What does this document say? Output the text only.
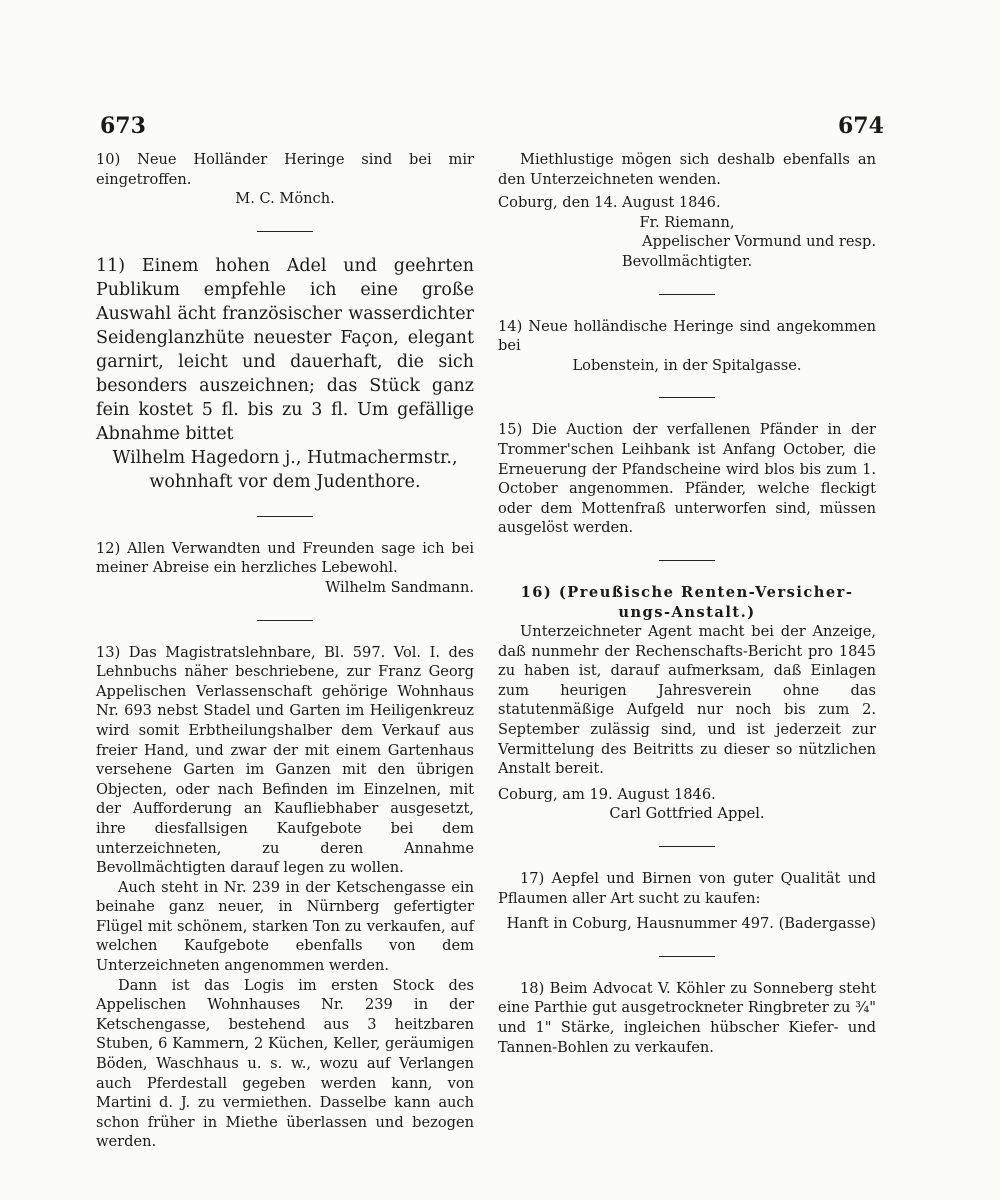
673	674

10) Neue Holländer Heringe sind bei mir eingetroffen.

M. C. Mönch.

11) Einem hohen Adel und geehrten Publikum empfehle ich eine große Auswahl ächt französischer wasserdichter Seidenglanzhüte neuester Façon, elegant garnirt, leicht und dauerhaft, die sich besonders auszeichnen; das Stück ganz fein kostet 5 fl. bis zu 3 fl. Um gefällige Abnahme bittet

Wilhelm Hagedorn j., Hutmachermstr.,

wohnhaft vor dem Judenthore.

12) Allen Verwandten und Freunden sage ich bei meiner Abreise ein herzliches Lebewohl.

Wilhelm Sandmann.

13) Das Magistratslehnbare, Bl. 597. Vol. I. des Lehnbuchs näher beschriebene, zur Franz Georg Appelischen Verlassenschaft gehörige Wohnhaus Nr. 693 nebst Stadel und Garten im Heiligenkreuz wird somit Erbtheilungshalber dem Verkauf aus freier Hand, und zwar der mit einem Gartenhaus versehene Garten im Ganzen mit den übrigen Objecten, oder nach Befinden im Einzelnen, mit der Aufforderung an Kaufliebhaber ausgesetzt, ihre diesfallsigen Kaufgebote bei dem unterzeichneten, zu deren Annahme Bevollmächtigten darauf legen zu wollen.

Auch steht in Nr. 239 in der Ketschengasse ein beinahe ganz neuer, in Nürnberg gefertigter Flügel mit schönem, starken Ton zu verkaufen, auf welchen Kaufgebote ebenfalls von dem Unterzeichneten angenommen werden.

Dann ist das Logis im ersten Stock des Appelischen Wohnhauses Nr. 239 in der Ketschengasse, bestehend aus 3 heitzbaren Stuben, 6 Kammern, 2 Küchen, Keller, geräumigen Böden, Waschhaus u. s. w., wozu auf Verlangen auch Pferdestall gegeben werden kann, von Martini d. J. zu vermiethen. Dasselbe kann auch schon früher in Miethe überlassen und bezogen werden.

Miethlustige mögen sich deshalb ebenfalls an den Unterzeichneten wenden.

Coburg, den 14. August 1846.

Fr. Riemann,

Appelischer Vormund und resp.

Bevollmächtigter.

14) Neue holländische Heringe sind angekommen bei

Lobenstein, in der Spitalgasse.

15) Die Auction der verfallenen Pfänder in der Trommer'schen Leihbank ist Anfang October, die Erneuerung der Pfandscheine wird blos bis zum 1. October angenommen. Pfänder, welche fleckigt oder dem Mottenfraß unterworfen sind, müssen ausgelöst werden.

16) (Preußische Renten-Versicher-

ungs-Anstalt.)

Unterzeichneter Agent macht bei der Anzeige, daß nunmehr der Rechenschafts-Bericht pro 1845 zu haben ist, darauf aufmerksam, daß Einlagen zum heurigen Jahresverein ohne das statutenmäßige Aufgeld nur noch bis zum 2. September zulässig sind, und ist jederzeit zur Vermittelung des Beitritts zu dieser so nützlichen Anstalt bereit.

Coburg, am 19. August 1846.

Carl Gottfried Appel.

17) Aepfel und Birnen von guter Qualität und Pflaumen aller Art sucht zu kaufen:

Hanft in Coburg, Hausnummer 497. (Badergasse)

18) Beim Advocat V. Köhler zu Sonneberg steht eine Parthie gut ausgetrockneter Ringbreter zu ¾" und 1" Stärke, ingleichen hübscher Kiefer- und Tannen-Bohlen zu verkaufen.
